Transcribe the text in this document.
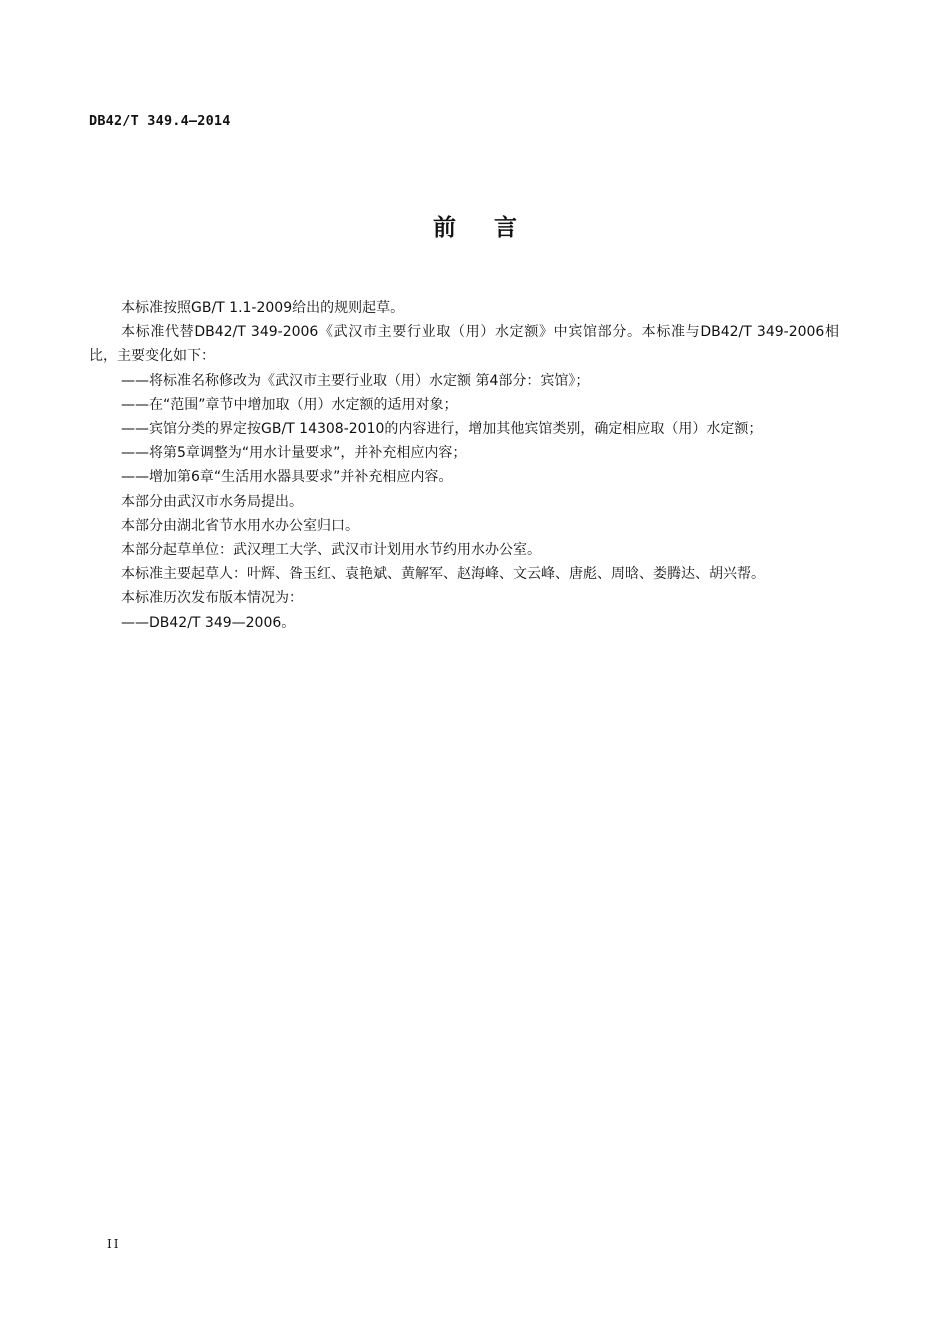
DB42/T 349.4—2014
前言

本标准按照GB/T 1.1-2009给出的规则起草。

本标准代替DB42/T 349-2006《武汉市主要行业取（用）水定额》中宾馆部分。本标准与DB42/T 349-2006相比，主要变化如下：

——将标准名称修改为《武汉市主要行业取（用）水定额 第4部分：宾馆》；

——在“范围”章节中增加取（用）水定额的适用对象；

——宾馆分类的界定按GB/T 14308-2010的内容进行，增加其他宾馆类别，确定相应取（用）水定额；

——将第5章调整为“用水计量要求”，并补充相应内容；

——增加第6章“生活用水器具要求”并补充相应内容。

本部分由武汉市水务局提出。

本部分由湖北省节水用水办公室归口。

本部分起草单位：武汉理工大学、武汉市计划用水节约用水办公室。

本标准主要起草人：叶辉、昝玉红、袁艳斌、黄解军、赵海峰、文云峰、唐彪、周晗、娄腾达、胡兴帮。

本标准历次发布版本情况为：

——DB42/T 349—2006。

II
